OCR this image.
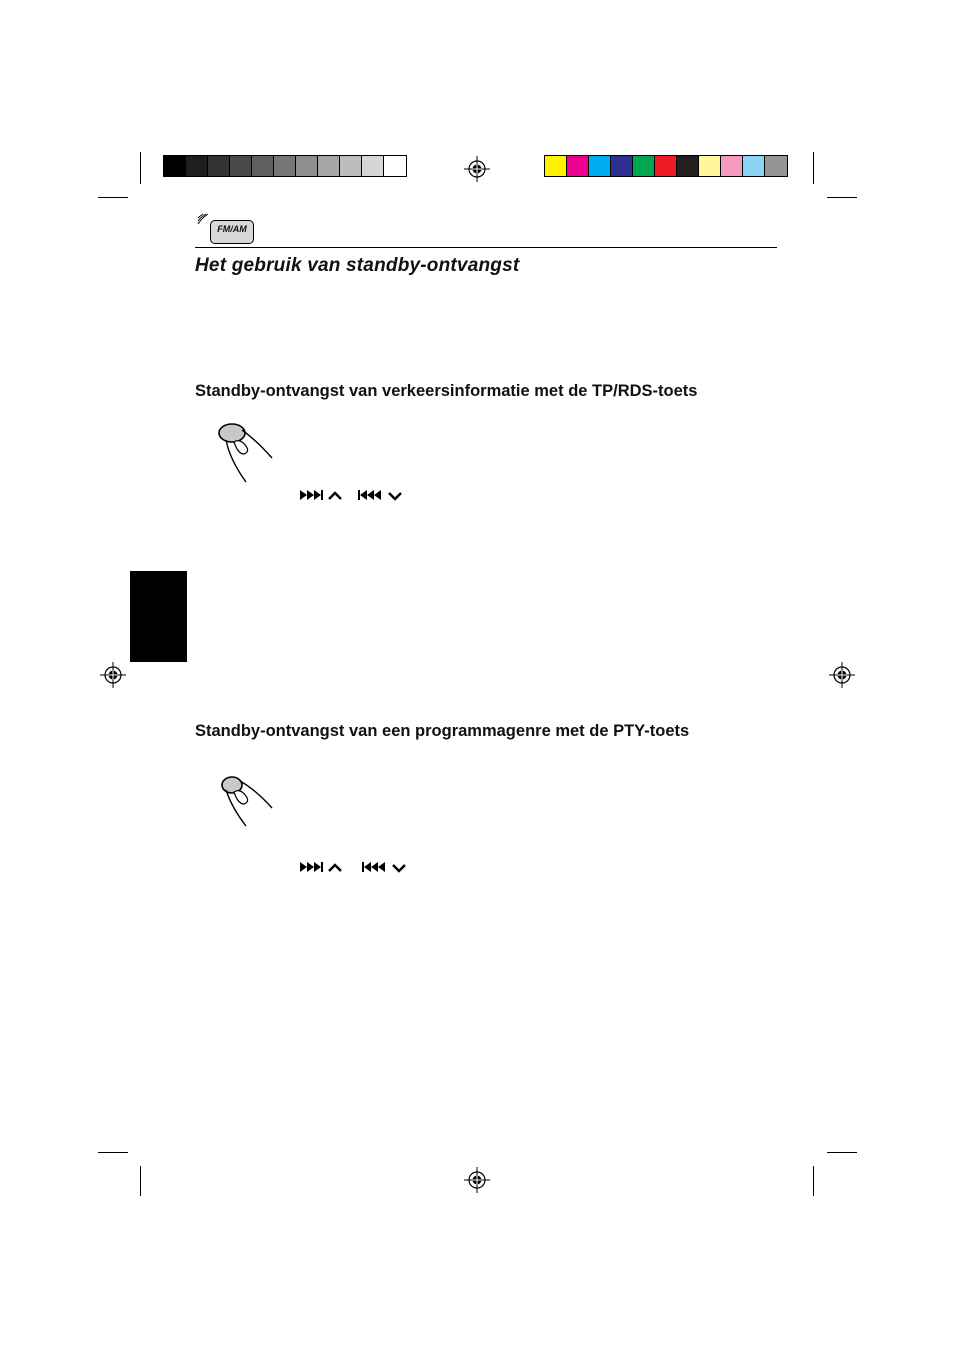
FM/AM
Het gebruik van standby-ontvangst
Standby-ontvangst van verkeersinformatie met de TP/RDS-toets
Standby-ontvangst van een programmagenre met de PTY-toets
